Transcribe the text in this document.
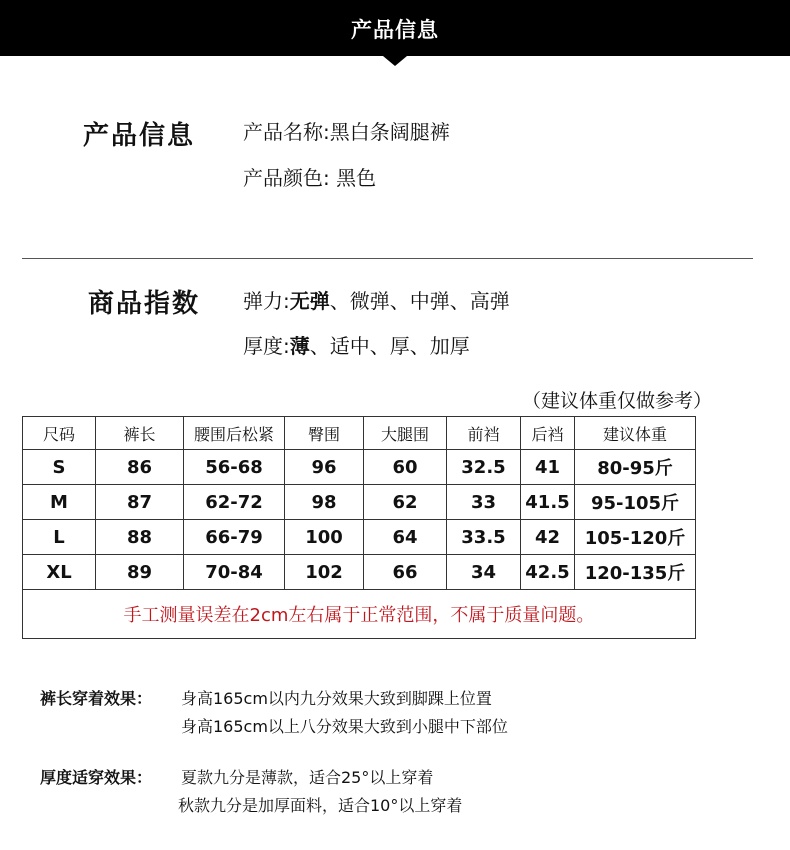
产品信息
产品信息 产品名称:黑白条阔腿裤
产品颜色: 黑色
商品指数 弹力:无弹、微弹、中弹、高弹
厚度:薄、适中、厚、加厚
（建议体重仅做参考）
尺码	裤长	腰围后松紧	臀围	大腿围	前裆	后裆	建议体重
S	86	56-68	96	60	32.5	41	80-95斤
M	87	62-72	98	62	33	41.5	95-105斤
L	88	66-79	100	64	33.5	42	105-120斤
XL	89	70-84	102	66	34	42.5	120-135斤
手工测量误差在2cm左右属于正常范围，不属于质量问题。							
裤长穿着效果： 身高165cm以内九分效果大致到脚踝上位置
身高165cm以上八分效果大致到小腿中下部位
厚度适穿效果： 夏款九分是薄款，适合25°以上穿着
秋款九分是加厚面料，适合10°以上穿着
